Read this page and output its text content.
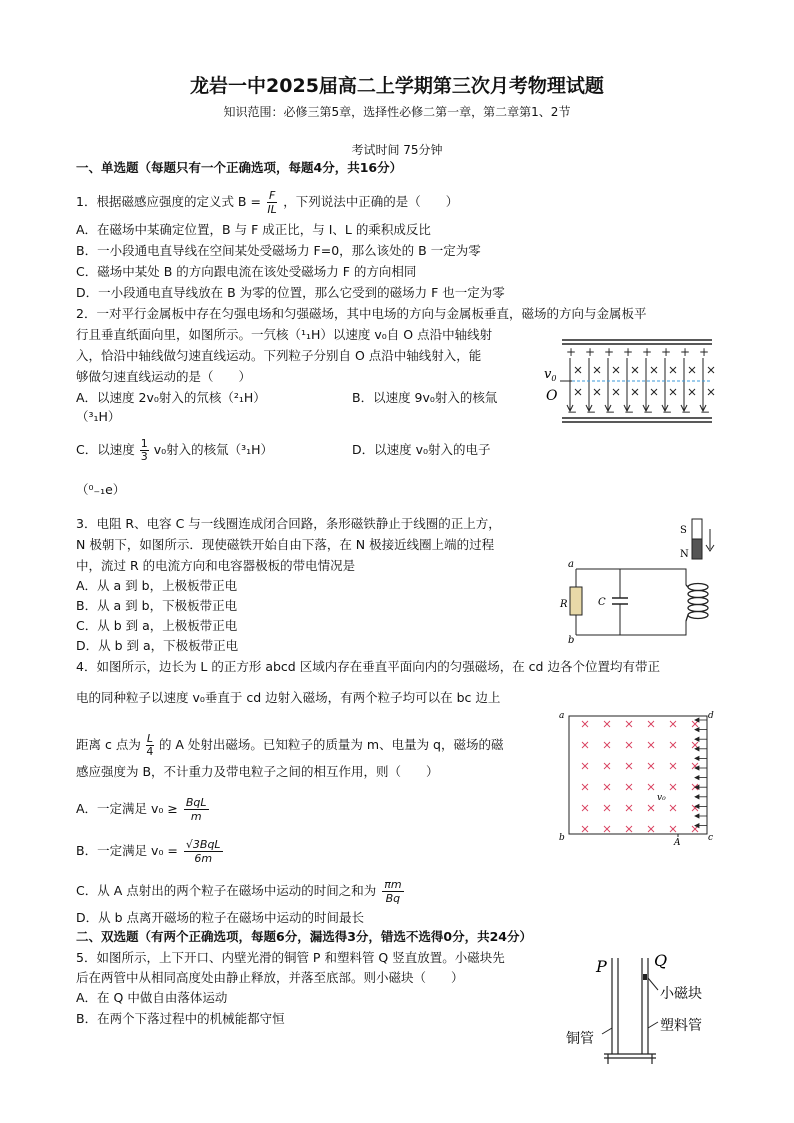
龙岩一中2025届高二上学期第三次月考物理试题
知识范围：必修三第5章，选择性必修二第一章，第二章第1、2节
考试时间 75分钟
一、单选题（每题只有一个正确选项，每题4分，共16分）
1．根据磁感应强度的定义式 $B = \frac{F}{IL}$ ，下列说法中正确的是（　　）
A．在磁场中某确定位置，B 与 F 成正比，与 I、L 的乘积成反比
B．一小段通电直导线在空间某处受磁场力 F=0，那么该处的 B 一定为零
C．磁场中某处 B 的方向跟电流在该处受磁场力 F 的方向相同
D．一小段通电直导线放在 B 为零的位置，那么它受到的磁场力 F 也一定为零
2．一对平行金属板中存在匀强电场和匀强磁场，其中电场的方向与金属板垂直，磁场的方向与金属板平
行且垂直纸面向里，如图所示。一氕核（¹₁H）以速度 v₀自 O 点沿中轴线射
入，恰沿中轴线做匀速直线运动。下列粒子分别自 O 点沿中轴线射入，能
够做匀速直线运动的是（　　）
A．以速度 2v₀射入的氘核（²₁H）	B．以速度 9v₀射入的核氚
（³₁H）
C．以速度 $\frac{1}{3} v_0$射入的核氚（³₁H）	D．以速度 v₀射入的电子
（⁰₋₁e）
+
−
+
−
+
−
+
−
+
−
+
−
+
−
+
−
$v_0$
O
3．电阻 R、电容 C 与一线圈连成闭合回路，条形磁铁静止于线圈的正上方，
N 极朝下，如图所示．现使磁铁开始自由下落，在 N 极接近线圈上端的过程
中，流过 R 的电流方向和电容器极板的带电情况是
A．从 a 到 b，上极板带正电
B．从 a 到 b，下极板带正电
C．从 b 到 a，上极板带正电
D．从 b 到 a，下极板带正电
S
N
R
a
b
C
4．如图所示，边长为 L 的正方形 abcd 区域内存在垂直平面向内的匀强磁场，在 cd 边各个位置均有带正
电的同种粒子以速度 v₀垂直于 cd 边射入磁场，有两个粒子均可以在 bc 边上
距离 c 点为 $\frac{L}{4}$ 的 A 处射出磁场。已知粒子的质量为 m、电量为 q，磁场的磁
感应强度为 B，不计重力及带电粒子之间的相互作用，则（　　）
A．一定满足 v₀ ≥ BqL
m
B．一定满足 v₀ = √3BqL
6m
C．从 A 点射出的两个粒子在磁场中运动的时间之和为 $\frac{\pi m}{Bq}$
D．从 b 点离开磁场的粒子在磁场中运动的时间最长
a	d
b	c
A
v₀
二、双选题（有两个正确选项，每题6分，漏选得3分，错选不选得0分，共24分）
5．如图所示，上下开口、内壁光滑的铜管 P 和塑料管 Q 竖直放置。小磁块先
后在两管中从相同高度处由静止释放，并落至底部。则小磁块（　　）
A．在 Q 中做自由落体运动
B．在两个下落过程中的机械能都守恒
P	Q
小磁块
铜管
塑料管
